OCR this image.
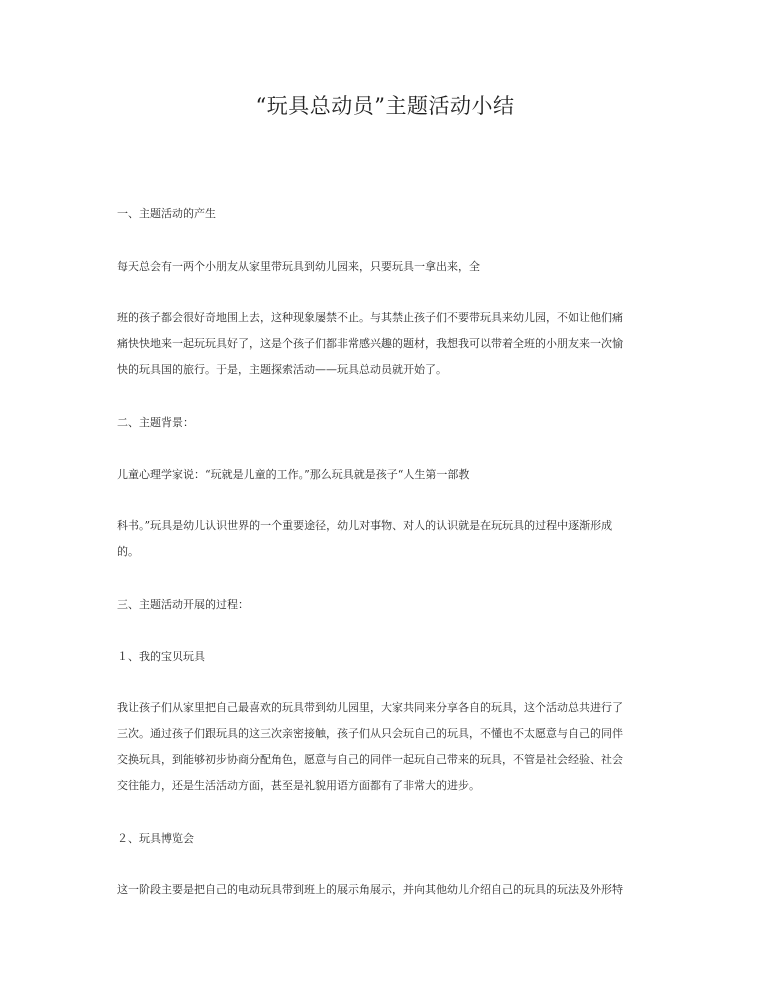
“玩具总动员”主题活动小结
一、主题活动的产生
每天总会有一两个小朋友从家里带玩具到幼儿园来，只要玩具一拿出来，全
班的孩子都会很好奇地围上去，这种现象屡禁不止。与其禁止孩子们不要带玩具来幼儿园，不如让他们痛
痛快快地来一起玩玩具好了，这是个孩子们都非常感兴趣的题材，我想我可以带着全班的小朋友来一次愉
快的玩具国的旅行。于是，主题探索活动——玩具总动员就开始了。
二、主题背景：
儿童心理学家说：“玩就是儿童的工作。”那么玩具就是孩子“人生第一部教
科书。”玩具是幼儿认识世界的一个重要途径，幼儿对事物、对人的认识就是在玩玩具的过程中逐渐形成
的。
三、主题活动开展的过程：
１、我的宝贝玩具
我让孩子们从家里把自己最喜欢的玩具带到幼儿园里，大家共同来分享各自的玩具，这个活动总共进行了
三次。通过孩子们跟玩具的这三次亲密接触，孩子们从只会玩自己的玩具，不懂也不太愿意与自己的同伴
交换玩具，到能够初步协商分配角色，愿意与自己的同伴一起玩自己带来的玩具，不管是社会经验、社会
交往能力，还是生活活动方面，甚至是礼貌用语方面都有了非常大的进步。
２、玩具博览会
这一阶段主要是把自己的电动玩具带到班上的展示角展示，并向其他幼儿介绍自己的玩具的玩法及外形特
